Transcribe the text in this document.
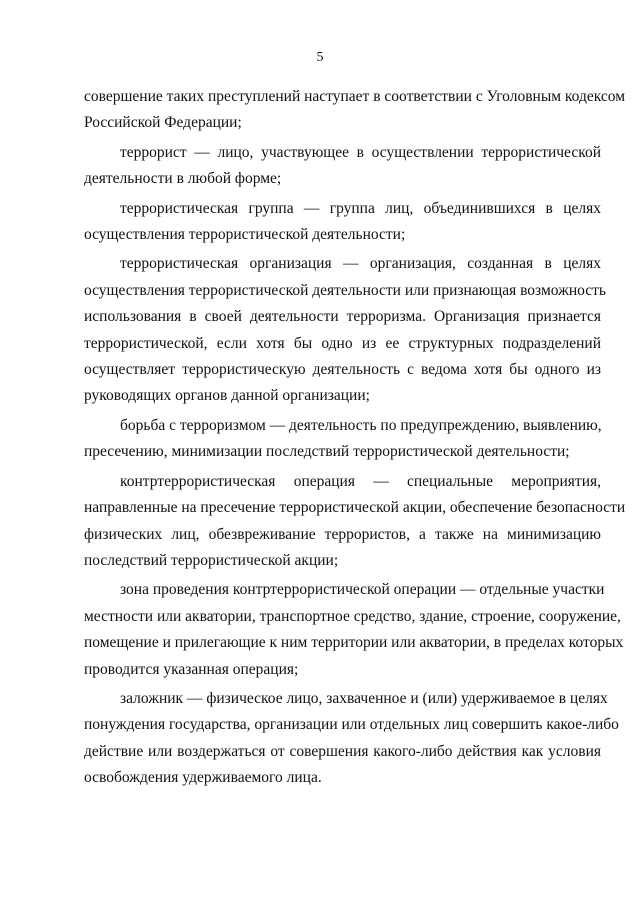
5

совершение таких преступлений наступает в соответствии с Уголовным кодексом
Российской Федерации;

террорист — лицо, участвующее в осуществлении террористической
деятельности в любой форме;

террористическая группа — группа лиц, объединившихся в целях
осуществления террористической деятельности;

террористическая организация — организация, созданная в целях
осуществления террористической деятельности или признающая возможность
использования в своей деятельности терроризма. Организация признается
террористической, если хотя бы одно из ее структурных подразделений
осуществляет террористическую деятельность с ведома хотя бы одного из
руководящих органов данной организации;

борьба с терроризмом — деятельность по предупреждению, выявлению,
пресечению, минимизации последствий террористической деятельности;

контртеррористическая операция — специальные мероприятия,
направленные на пресечение террористической акции, обеспечение безопасности
физических лиц, обезвреживание террористов, а также на минимизацию
последствий террористической акции;

зона проведения контртеррористической операции — отдельные участки
местности или акватории, транспортное средство, здание, строение, сооружение,
помещение и прилегающие к ним территории или акватории, в пределах которых
проводится указанная операция;

заложник — физическое лицо, захваченное и (или) удерживаемое в целях
понуждения государства, организации или отдельных лиц совершить какое-либо
действие или воздержаться от совершения какого-либо действия как условия
освобождения удерживаемого лица.
